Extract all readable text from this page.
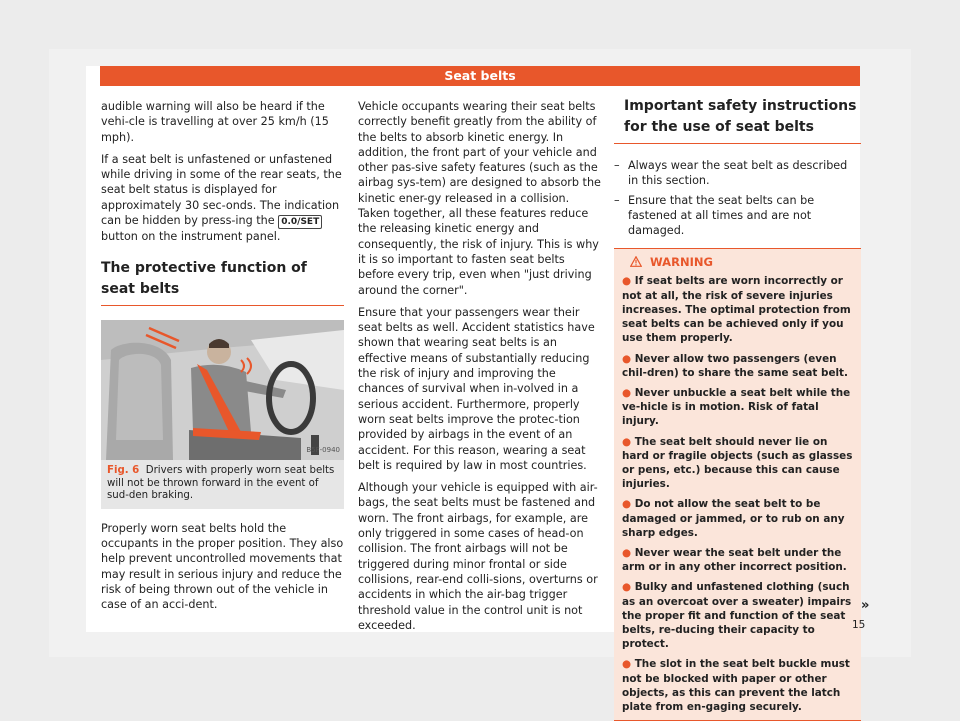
Seat belts

audible warning will also be heard if the vehi-cle is travelling at over 25 km/h (15 mph).

If a seat belt is unfastened or unfastened while driving in some of the rear seats, the seat belt status is displayed for approximately 30 sec-onds. The indication can be hidden by press-ing the 0.0/SET button on the instrument panel.

The protective function of seat belts
B5F-0940
Fig. 6 Drivers with properly worn seat belts will not be thrown forward in the event of sud-den braking.

Properly worn seat belts hold the occupants in the proper position. They also help prevent uncontrolled movements that may result in serious injury and reduce the risk of being thrown out of the vehicle in case of an acci-dent.

Vehicle occupants wearing their seat belts correctly benefit greatly from the ability of the belts to absorb kinetic energy. In addition, the front part of your vehicle and other pas-sive safety features (such as the airbag sys-tem) are designed to absorb the kinetic ener-gy released in a collision. Taken together, all these features reduce the releasing kinetic energy and consequently, the risk of injury. This is why it is so important to fasten seat belts before every trip, even when "just driving around the corner".

Ensure that your passengers wear their seat belts as well. Accident statistics have shown that wearing seat belts is an effective means of substantially reducing the risk of injury and improving the chances of survival when in-volved in a serious accident. Furthermore, properly worn seat belts improve the protec-tion provided by airbags in the event of an accident. For this reason, wearing a seat belt is required by law in most countries.

Although your vehicle is equipped with air-bags, the seat belts must be fastened and worn. The front airbags, for example, are only triggered in some cases of head-on collision. The front airbags will not be triggered during minor frontal or side collisions, rear-end colli-sions, overturns or accidents in which the air-bag trigger threshold value in the control unit is not exceeded.

Important safety instructions for the use of seat belts
– Always wear the seat belt as described in this section.
– Ensure that the seat belts can be fastened at all times and are not damaged.
WARNING
● If seat belts are worn incorrectly or not at all, the risk of severe injuries increases. The optimal protection from seat belts can be achieved only if you use them properly.
● Never allow two passengers (even chil-dren) to share the same seat belt.
● Never unbuckle a seat belt while the ve-hicle is in motion. Risk of fatal injury.
● The seat belt should never lie on hard or fragile objects (such as glasses or pens, etc.) because this can cause injuries.
● Do not allow the seat belt to be damaged or jammed, or to rub on any sharp edges.
● Never wear the seat belt under the arm or in any other incorrect position.
● Bulky and unfastened clothing (such as an overcoat over a sweater) impairs the proper fit and function of the seat belts, re-ducing their capacity to protect.
● The slot in the seat belt buckle must not be blocked with paper or other objects, as this can prevent the latch plate from en-gaging securely.
»
15
